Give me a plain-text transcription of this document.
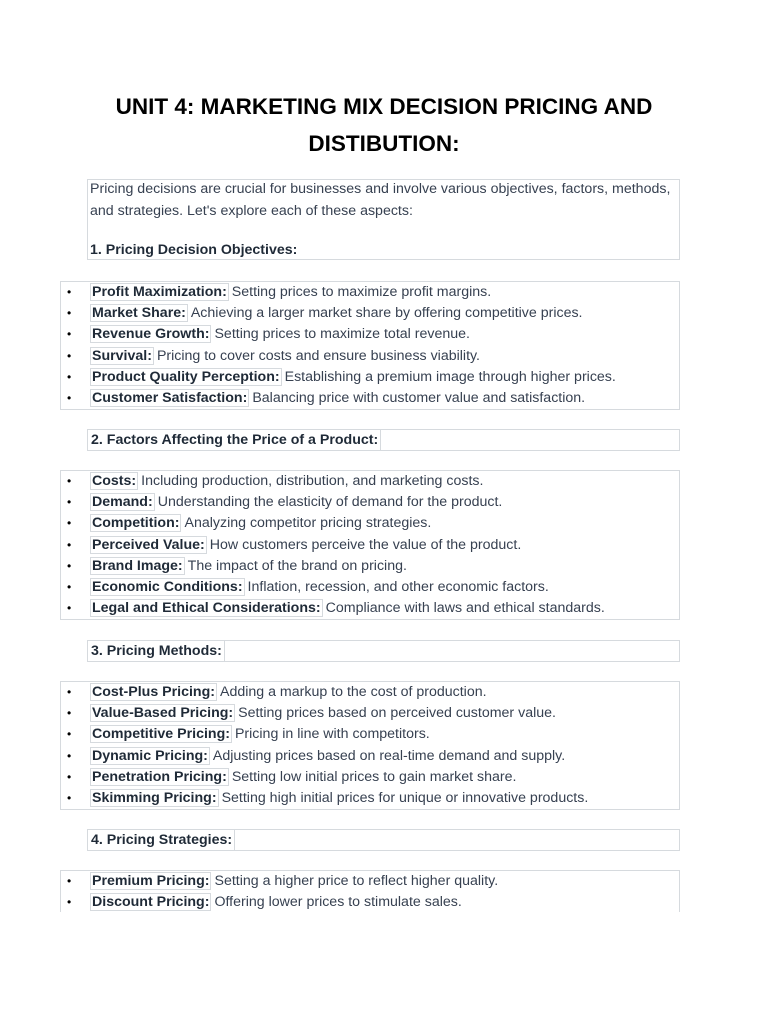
UNIT 4: MARKETING MIX DECISION PRICING AND DISTIBUTION:
Pricing decisions are crucial for businesses and involve various objectives, factors, methods, and strategies. Let's explore each of these aspects:
1. Pricing Decision Objectives:
• Profit Maximization: Setting prices to maximize profit margins.
• Market Share: Achieving a larger market share by offering competitive prices.
• Revenue Growth: Setting prices to maximize total revenue.
• Survival: Pricing to cover costs and ensure business viability.
• Product Quality Perception: Establishing a premium image through higher prices.
• Customer Satisfaction: Balancing price with customer value and satisfaction.
2. Factors Affecting the Price of a Product:
• Costs: Including production, distribution, and marketing costs.
• Demand: Understanding the elasticity of demand for the product.
• Competition: Analyzing competitor pricing strategies.
• Perceived Value: How customers perceive the value of the product.
• Brand Image: The impact of the brand on pricing.
• Economic Conditions: Inflation, recession, and other economic factors.
• Legal and Ethical Considerations: Compliance with laws and ethical standards.
3. Pricing Methods:
• Cost-Plus Pricing: Adding a markup to the cost of production.
• Value-Based Pricing: Setting prices based on perceived customer value.
• Competitive Pricing: Pricing in line with competitors.
• Dynamic Pricing: Adjusting prices based on real-time demand and supply.
• Penetration Pricing: Setting low initial prices to gain market share.
• Skimming Pricing: Setting high initial prices for unique or innovative products.
4. Pricing Strategies:
• Premium Pricing: Setting a higher price to reflect higher quality.
• Discount Pricing: Offering lower prices to stimulate sales.
